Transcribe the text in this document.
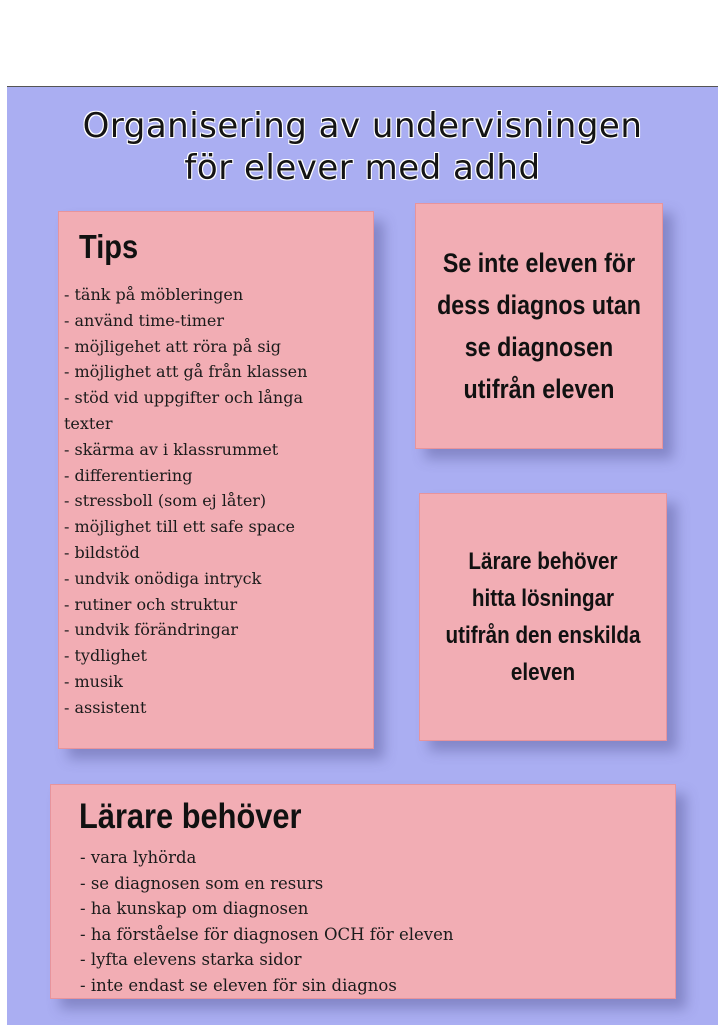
Organisering av undervisningen
för elever med adhd
Tips
- tänk på möbleringen
- använd time-timer
- möjligehet att röra på sig
- möjlighet att gå från klassen
- stöd vid uppgifter och långa
texter
- skärma av i klassrummet
- differentiering
- stressboll (som ej låter)
- möjlighet till ett safe space
- bildstöd
- undvik onödiga intryck
- rutiner och struktur
- undvik förändringar
- tydlighet
- musik
- assistent
Se inte eleven för
dess diagnos utan
se diagnosen
utifrån eleven
Lärare behöver
hitta lösningar
utifrån den enskilda
eleven
Lärare behöver
- vara lyhörda
- se diagnosen som en resurs
- ha kunskap om diagnosen
- ha förståelse för diagnosen OCH för eleven
- lyfta elevens starka sidor
- inte endast se eleven för sin diagnos
